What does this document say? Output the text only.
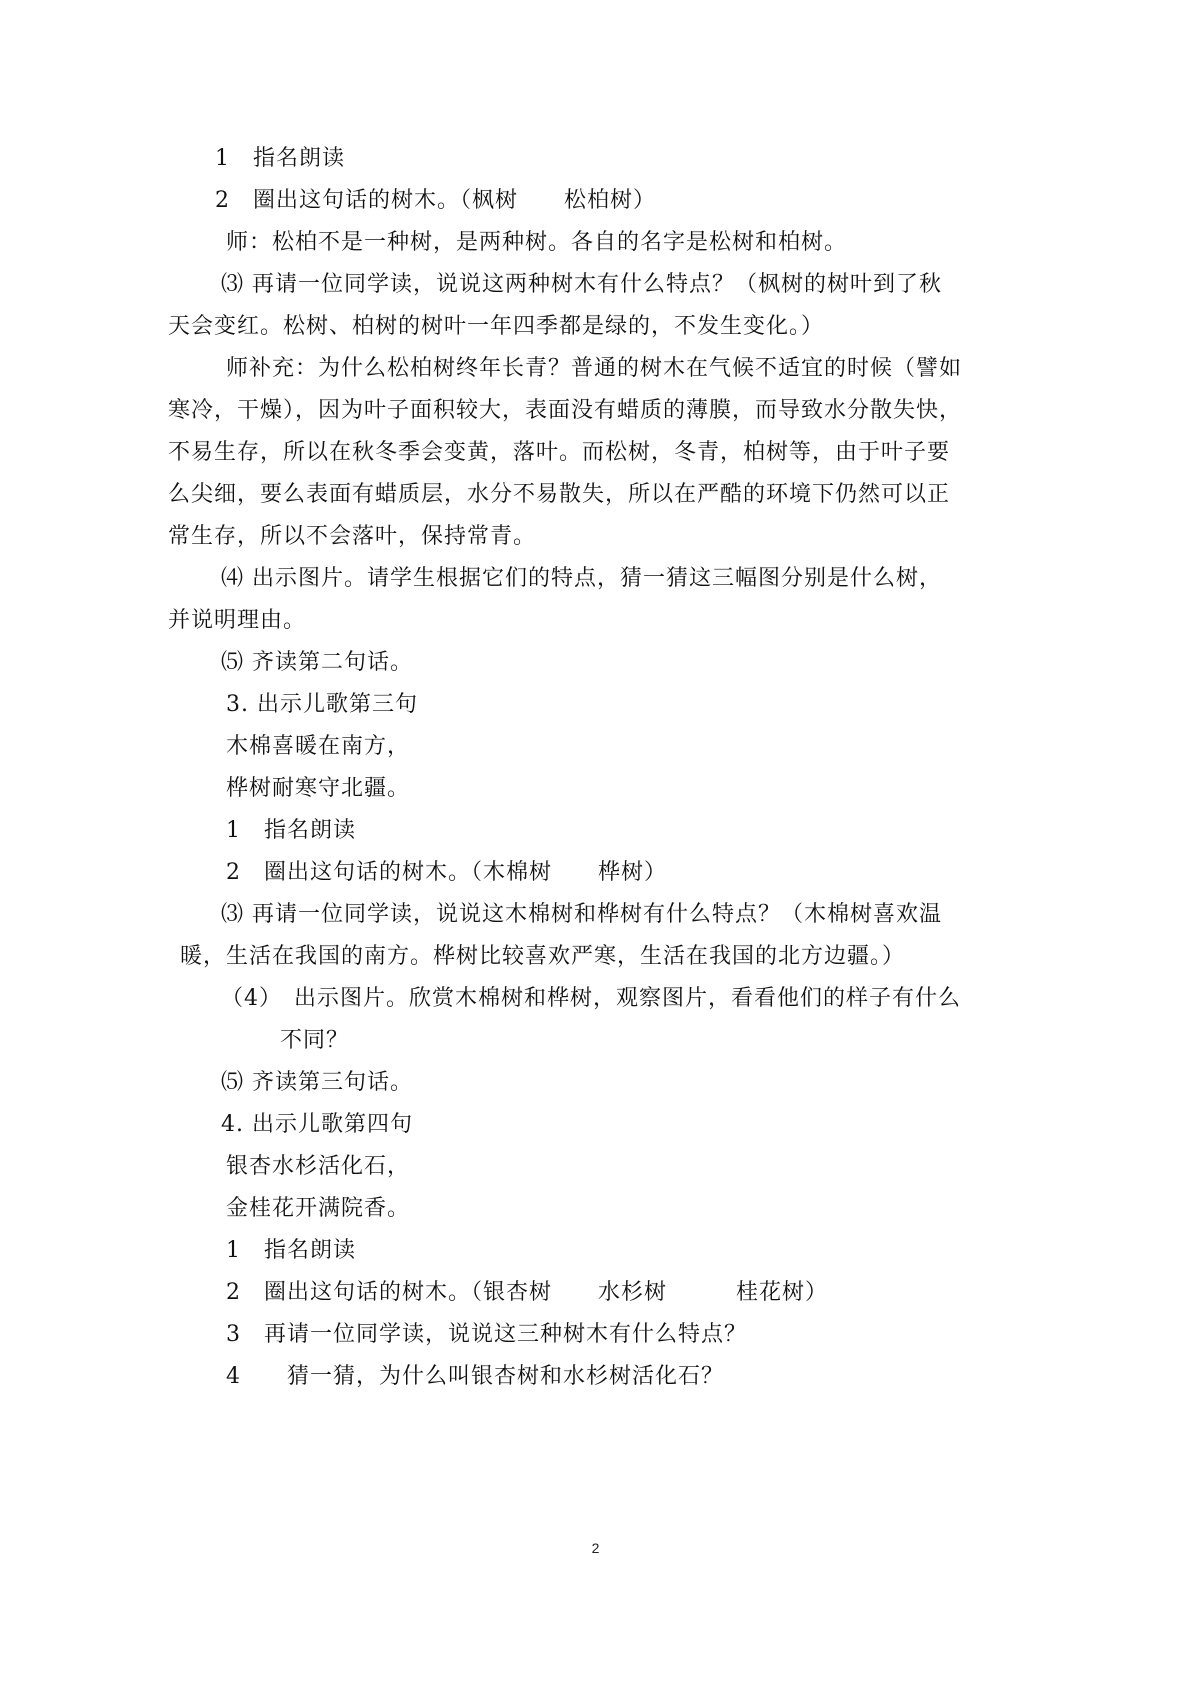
1　指名朗读
2　圈出这句话的树木。（枫树　　松柏树）
师：松柏不是一种树，是两种树。各自的名字是松树和柏树。
⑶ 再请一位同学读，说说这两种树木有什么特点？（枫树的树叶到了秋
天会变红。松树、柏树的树叶一年四季都是绿的，不发生变化。）
师补充：为什么松柏树终年长青？普通的树木在气候不适宜的时候（譬如
寒冷，干燥），因为叶子面积较大，表面没有蜡质的薄膜，而导致水分散失快，
不易生存，所以在秋冬季会变黄，落叶。而松树，冬青，柏树等，由于叶子要
么尖细，要么表面有蜡质层，水分不易散失，所以在严酷的环境下仍然可以正
常生存，所以不会落叶，保持常青。
⑷ 出示图片。请学生根据它们的特点，猜一猜这三幅图分别是什么树，
并说明理由。
⑸ 齐读第二句话。
3. 出示儿歌第三句
木棉喜暖在南方，
桦树耐寒守北疆。
1　指名朗读
2　圈出这句话的树木。（木棉树　　桦树）
⑶ 再请一位同学读，说说这木棉树和桦树有什么特点？（木棉树喜欢温
暖，生活在我国的南方。桦树比较喜欢严寒，生活在我国的北方边疆。）
（4）　出示图片。欣赏木棉树和桦树，观察图片，看看他们的样子有什么
不同？
⑸ 齐读第三句话。
4. 出示儿歌第四句
银杏水杉活化石，
金桂花开满院香。
1　指名朗读
2　圈出这句话的树木。（银杏树　　水杉树　　　桂花树）
3　再请一位同学读，说说这三种树木有什么特点？
4　　猜一猜，为什么叫银杏树和水杉树活化石？
2
